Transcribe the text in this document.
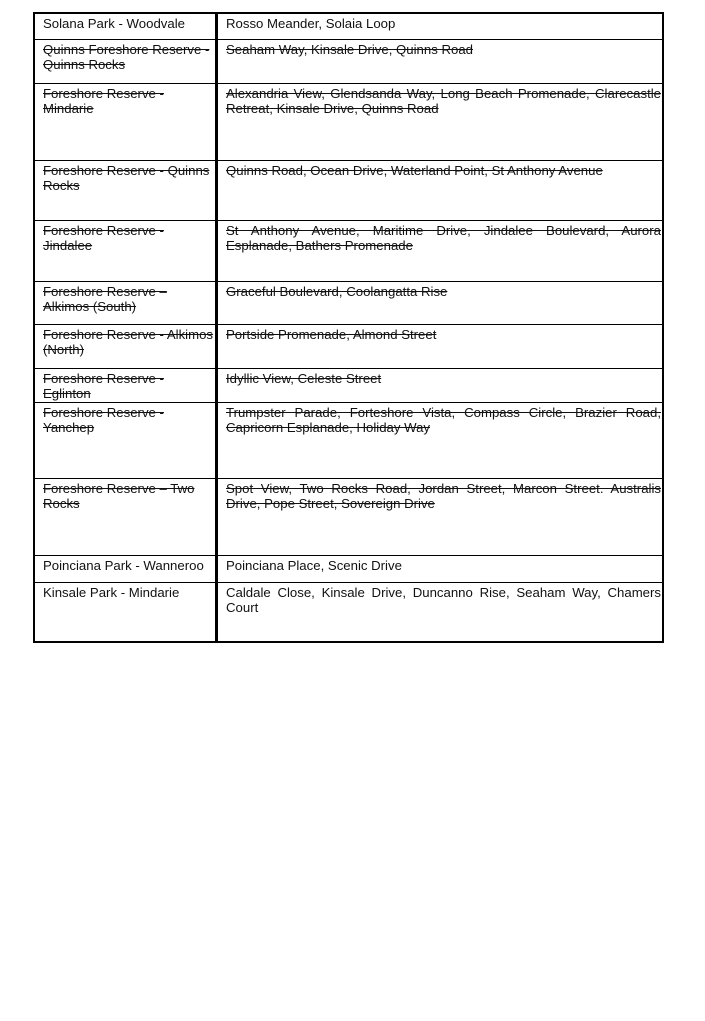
Solana Park - Woodvale	Rosso Meander, Solaia Loop
Quinns Foreshore Reserve - Quinns Rocks	Seaham Way, Kinsale Drive, Quinns Road
Foreshore Reserve - Mindarie	Alexandria View, Glendsanda Way, Long Beach Promenade, Clarecastle Retreat, Kinsale Drive, Quinns Road
Foreshore Reserve - Quinns Rocks	Quinns Road, Ocean Drive, Waterland Point, St Anthony Avenue
Foreshore Reserve - Jindalee	St Anthony Avenue, Maritime Drive, Jindalee Boulevard, Aurora Esplanade, Bathers Promenade
Foreshore Reserve – Alkimos (South)	Graceful Boulevard, Coolangatta Rise
Foreshore Reserve - Alkimos (North)	Portside Promenade, Almond Street
Foreshore Reserve - Eglinton	Idyllic View, Celeste Street
Foreshore Reserve - Yanchep	Trumpster Parade, Forteshore Vista, Compass Circle, Brazier Road, Capricorn Esplanade, Holiday Way
Foreshore Reserve – Two Rocks	Spot View, Two Rocks Road, Jordan Street, Marcon Street. Australis Drive, Pope Street, Sovereign Drive
Poinciana Park - Wanneroo	Poinciana Place, Scenic Drive
Kinsale Park - Mindarie	Caldale Close, Kinsale Drive, Duncanno Rise, Seaham Way, Chamers Court
